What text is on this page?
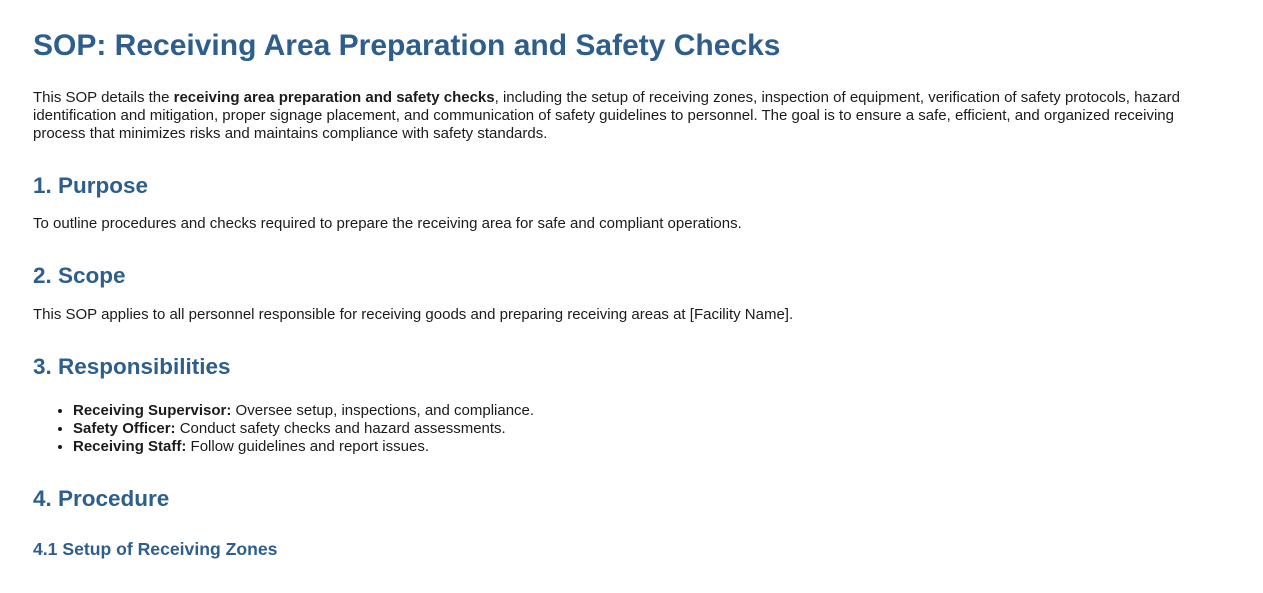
SOP: Receiving Area Preparation and Safety Checks

This SOP details the receiving area preparation and safety checks, including the setup of receiving zones, inspection of equipment, verification of safety protocols, hazard identification and mitigation, proper signage placement, and communication of safety guidelines to personnel. The goal is to ensure a safe, efficient, and organized receiving process that minimizes risks and maintains compliance with safety standards.

1. Purpose

To outline procedures and checks required to prepare the receiving area for safe and compliant operations.

2. Scope

This SOP applies to all personnel responsible for receiving goods and preparing receiving areas at [Facility Name].

3. Responsibilities
• Receiving Supervisor: Oversee setup, inspections, and compliance.
• Safety Officer: Conduct safety checks and hazard assessments.
• Receiving Staff: Follow guidelines and report issues.
4. Procedure
4.1 Setup of Receiving Zones
